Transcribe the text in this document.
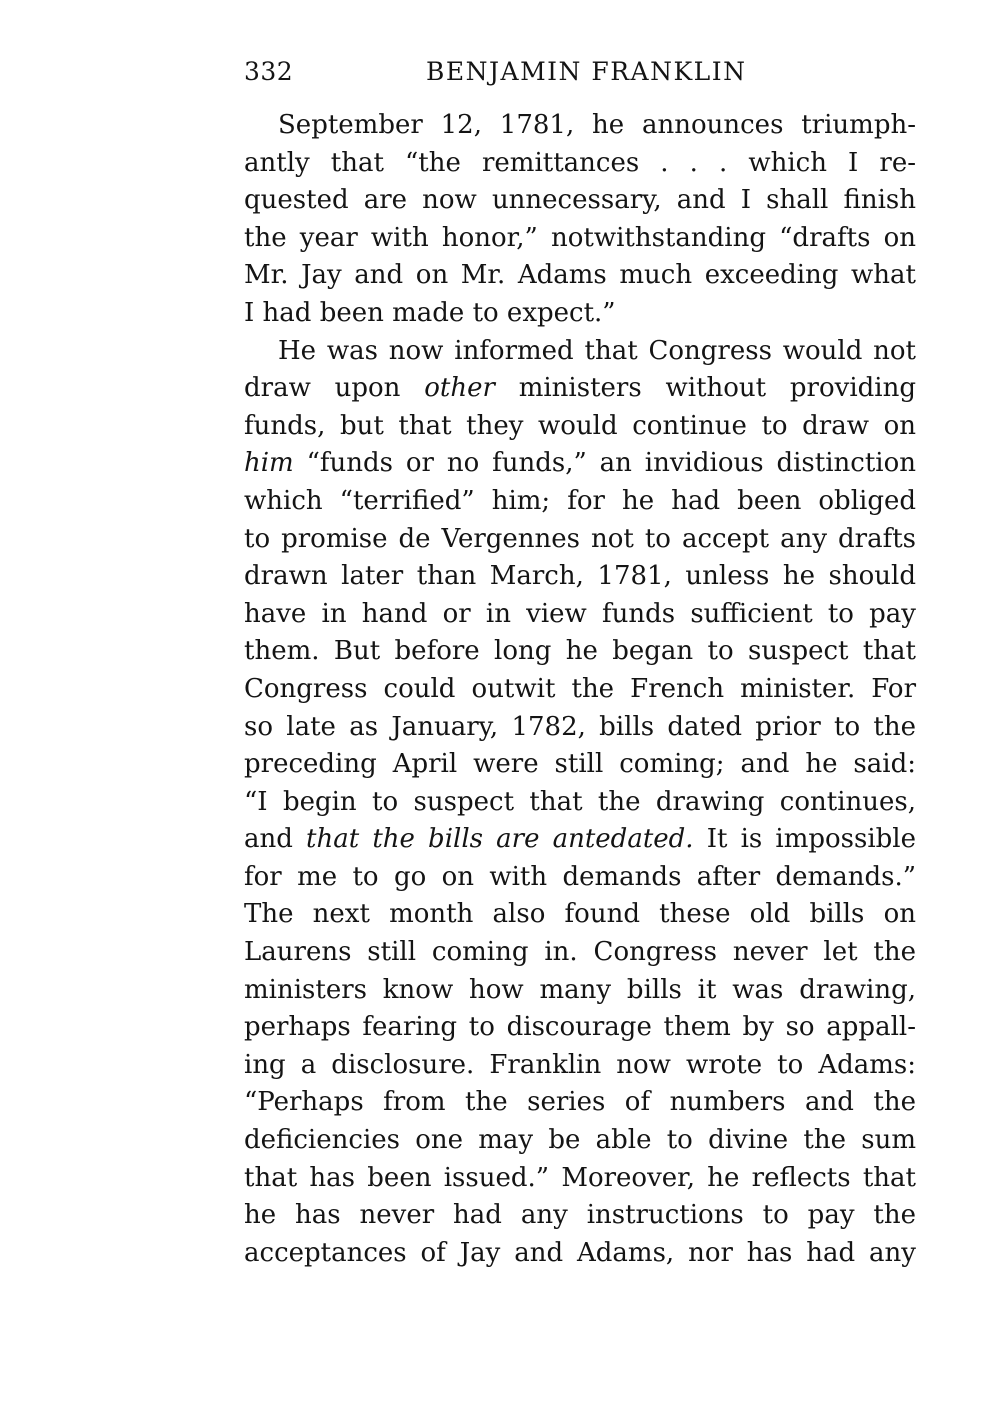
332	BENJAMIN FRANKLIN
September 12, 1781, he announces triumph-
antly that “the remittances . . . which I re-
quested are now unnecessary, and I shall finish
the year with honor,” notwithstanding “drafts on
Mr. Jay and on Mr. Adams much exceeding what
I had been made to expect.”
He was now informed that Congress would not
draw upon other ministers without providing
funds, but that they would continue to draw on
him “funds or no funds,” an invidious distinction
which “terrified” him; for he had been obliged
to promise de Vergennes not to accept any drafts
drawn later than March, 1781, unless he should
have in hand or in view funds sufficient to pay
them. But before long he began to suspect that
Congress could outwit the French minister. For
so late as January, 1782, bills dated prior to the
preceding April were still coming; and he said:
“I begin to suspect that the drawing continues,
and that the bills are antedated. It is impossible
for me to go on with demands after demands.”
The next month also found these old bills on
Laurens still coming in. Congress never let the
ministers know how many bills it was drawing,
perhaps fearing to discourage them by so appall-
ing a disclosure. Franklin now wrote to Adams:
“Perhaps from the series of numbers and the
deficiencies one may be able to divine the sum
that has been issued.” Moreover, he reflects that
he has never had any instructions to pay the
acceptances of Jay and Adams, nor has had any
